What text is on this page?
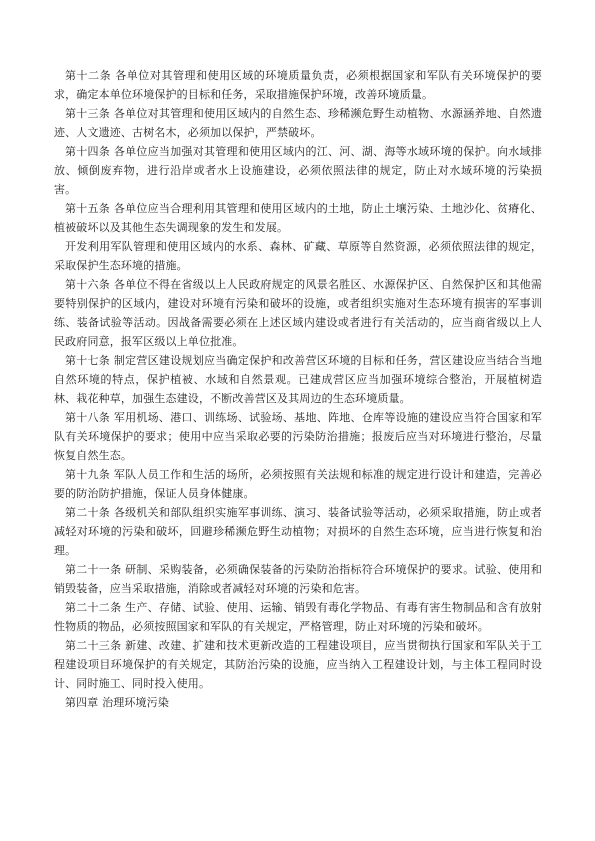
第十二条 各单位对其管理和使用区域的环境质量负责，必须根据国家和军队有关环境保护的要求，确定本单位环境保护的目标和任务，采取措施保护环境，改善环境质量。

第十三条 各单位对其管理和使用区域内的自然生态、珍稀濒危野生动植物、水源涵养地、自然遗迹、人文遗迹、古树名木，必须加以保护，严禁破坏。

第十四条 各单位应当加强对其管理和使用区域内的江、河、湖、海等水域环境的保护。向水域排放、倾倒废弃物，进行沿岸或者水上设施建设，必须依照法律的规定，防止对水域环境的污染损害。

第十五条 各单位应当合理利用其管理和使用区域内的土地，防止土壤污染、土地沙化、贫瘠化、植被破坏以及其他生态失调现象的发生和发展。

开发利用军队管理和使用区域内的水系、森林、矿藏、草原等自然资源，必须依照法律的规定，采取保护生态环境的措施。

第十六条 各单位不得在省级以上人民政府规定的风景名胜区、水源保护区、自然保护区和其他需要特别保护的区域内，建设对环境有污染和破坏的设施，或者组织实施对生态环境有损害的军事训练、装备试验等活动。因战备需要必须在上述区域内建设或者进行有关活动的，应当商省级以上人民政府同意，报军区级以上单位批准。

第十七条 制定营区建设规划应当确定保护和改善营区环境的目标和任务，营区建设应当结合当地自然环境的特点，保护植被、水域和自然景观。已建成营区应当加强环境综合整治，开展植树造林、栽花种草，加强生态建设，不断改善营区及其周边的生态环境质量。

第十八条 军用机场、港口、训练场、试验场、基地、阵地、仓库等设施的建设应当符合国家和军队有关环境保护的要求；使用中应当采取必要的污染防治措施；报废后应当对环境进行整治，尽量恢复自然生态。

第十九条 军队人员工作和生活的场所，必须按照有关法规和标准的规定进行设计和建造，完善必要的防治防护措施，保证人员身体健康。

第二十条 各级机关和部队组织实施军事训练、演习、装备试验等活动，必须采取措施，防止或者减轻对环境的污染和破坏，回避珍稀濒危野生动植物；对损坏的自然生态环境，应当进行恢复和治理。

第二十一条 研制、采购装备，必须确保装备的污染防治指标符合环境保护的要求。试验、使用和销毁装备，应当采取措施，消除或者减轻对环境的污染和危害。

第二十二条 生产、存储、试验、使用、运输、销毁有毒化学物品、有毒有害生物制品和含有放射性物质的物品，必须按照国家和军队的有关规定，严格管理，防止对环境的污染和破坏。

第二十三条 新建、改建、扩建和技术更新改造的工程建设项目，应当贯彻执行国家和军队关于工程建设项目环境保护的有关规定，其防治污染的设施，应当纳入工程建设计划，与主体工程同时设计、同时施工、同时投入使用。

第四章 治理环境污染
